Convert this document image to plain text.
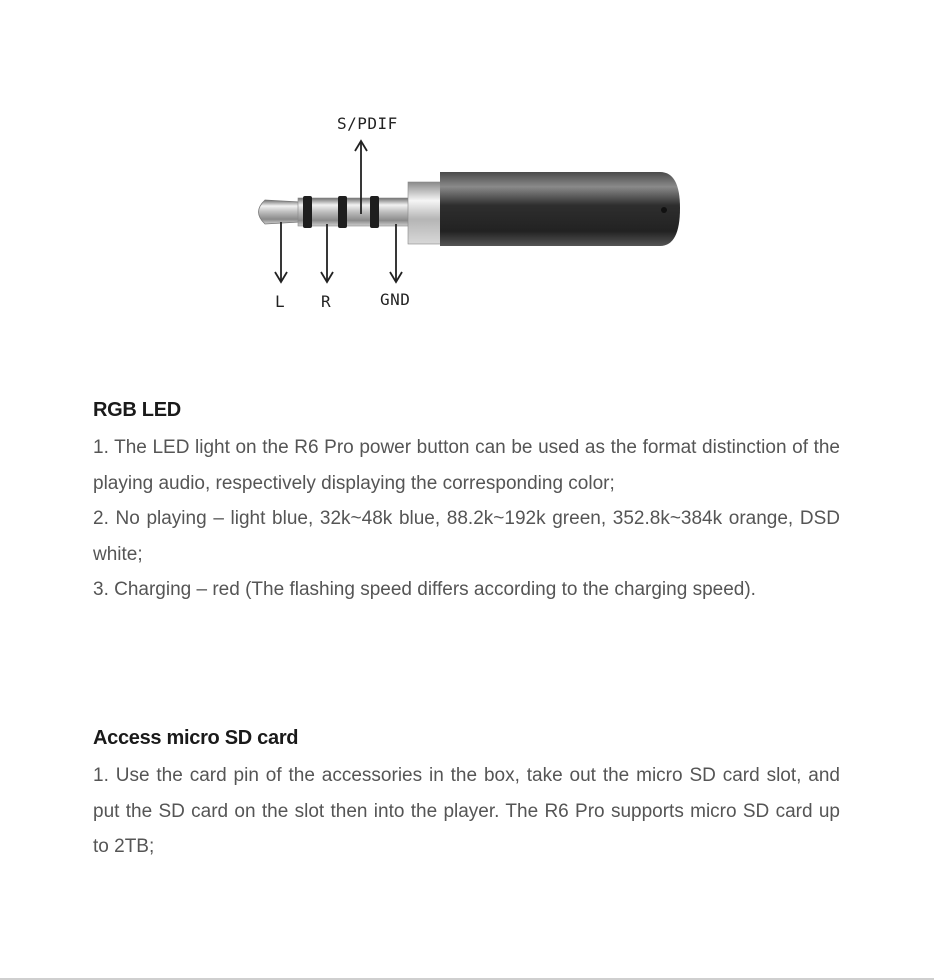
S/PDIF
L R	GND
RGB LED

1. The LED light on the R6 Pro power button can be used as the format distinction of the playing audio, respectively displaying the corresponding color;

2. No playing – light blue, 32k~48k blue, 88.2k~192k green, 352.8k~384k orange, DSD white;

3. Charging – red (The flashing speed differs according to the charging speed).

Access micro SD card

1. Use the card pin of the accessories in the box, take out the micro SD card slot, and put the SD card on the slot then into the player. The R6 Pro supports micro SD card up to 2TB;
